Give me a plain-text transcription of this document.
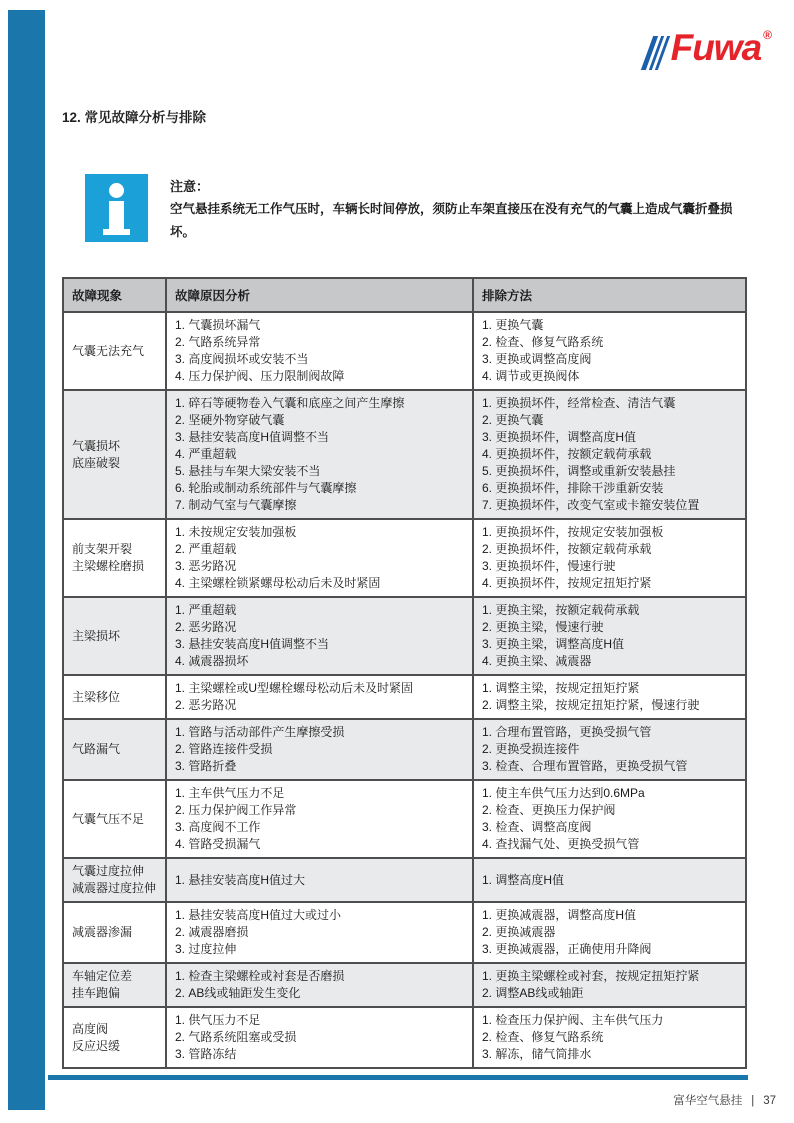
Fuwa ®
12. 常见故障分析与排除
注意：
空气悬挂系统无工作气压时，车辆长时间停放，须防止车架直接压在没有充气的气囊上造成气囊折叠损坏。
故障现象	故障原因分析	排除方法
气囊无法充气	1. 气囊损坏漏气
2. 气路系统异常
3. 高度阀损坏或安装不当
4. 压力保护阀、压力限制阀故障	1. 更换气囊
2. 检查、修复气路系统
3. 更换或调整高度阀
4. 调节或更换阀体
气囊损坏
底座破裂	1. 碎石等硬物卷入气囊和底座之间产生摩擦
2. 坚硬外物穿破气囊
3. 悬挂安装高度H值调整不当
4. 严重超载
5. 悬挂与车架大梁安装不当
6. 轮胎或制动系统部件与气囊摩擦
7. 制动气室与气囊摩擦	1. 更换损坏件，经常检查、清洁气囊
2. 更换气囊
3. 更换损坏件，调整高度H值
4. 更换损坏件，按额定载荷承载
5. 更换损坏件，调整或重新安装悬挂
6. 更换损坏件，排除干涉重新安装
7. 更换损坏件，改变气室或卡箍安装位置
前支架开裂
主梁螺栓磨损	1. 未按规定安装加强板
2. 严重超载
3. 恶劣路况
4. 主梁螺栓锁紧螺母松动后未及时紧固	1. 更换损坏件，按规定安装加强板
2. 更换损坏件，按额定载荷承载
3. 更换损坏件，慢速行驶
4. 更换损坏件，按规定扭矩拧紧
主梁损坏	1. 严重超载
2. 恶劣路况
3. 悬挂安装高度H值调整不当
4. 减震器损坏	1. 更换主梁，按额定载荷承载
2. 更换主梁，慢速行驶
3. 更换主梁，调整高度H值
4. 更换主梁、减震器
主梁移位	1. 主梁螺栓或U型螺栓螺母松动后未及时紧固
2. 恶劣路况	1. 调整主梁，按规定扭矩拧紧
2. 调整主梁，按规定扭矩拧紧，慢速行驶
气路漏气	1. 管路与活动部件产生摩擦受损
2. 管路连接件受损
3. 管路折叠	1. 合理布置管路，更换受损气管
2. 更换受损连接件
3. 检查、合理布置管路，更换受损气管
气囊气压不足	1. 主车供气压力不足
2. 压力保护阀工作异常
3. 高度阀不工作
4. 管路受损漏气	1. 使主车供气压力达到0.6MPa
2. 检查、更换压力保护阀
3. 检查、调整高度阀
4. 查找漏气处、更换受损气管
气囊过度拉伸
减震器过度拉伸	1. 悬挂安装高度H值过大	1. 调整高度H值
减震器渗漏	1. 悬挂安装高度H值过大或过小
2. 减震器磨损
3. 过度拉伸	1. 更换减震器，调整高度H值
2. 更换减震器
3. 更换减震器，正确使用升降阀
车轴定位差
挂车跑偏	1. 检查主梁螺栓或衬套是否磨损
2. AB线或轴距发生变化	1. 更换主梁螺栓或衬套，按规定扭矩拧紧
2. 调整AB线或轴距
高度阀
反应迟缓	1. 供气压力不足
2. 气路系统阻塞或受损
3. 管路冻结	1. 检查压力保护阀、主车供气压力
2. 检查、修复气路系统
3. 解冻，储气筒排水
富华空气悬挂 | 37
